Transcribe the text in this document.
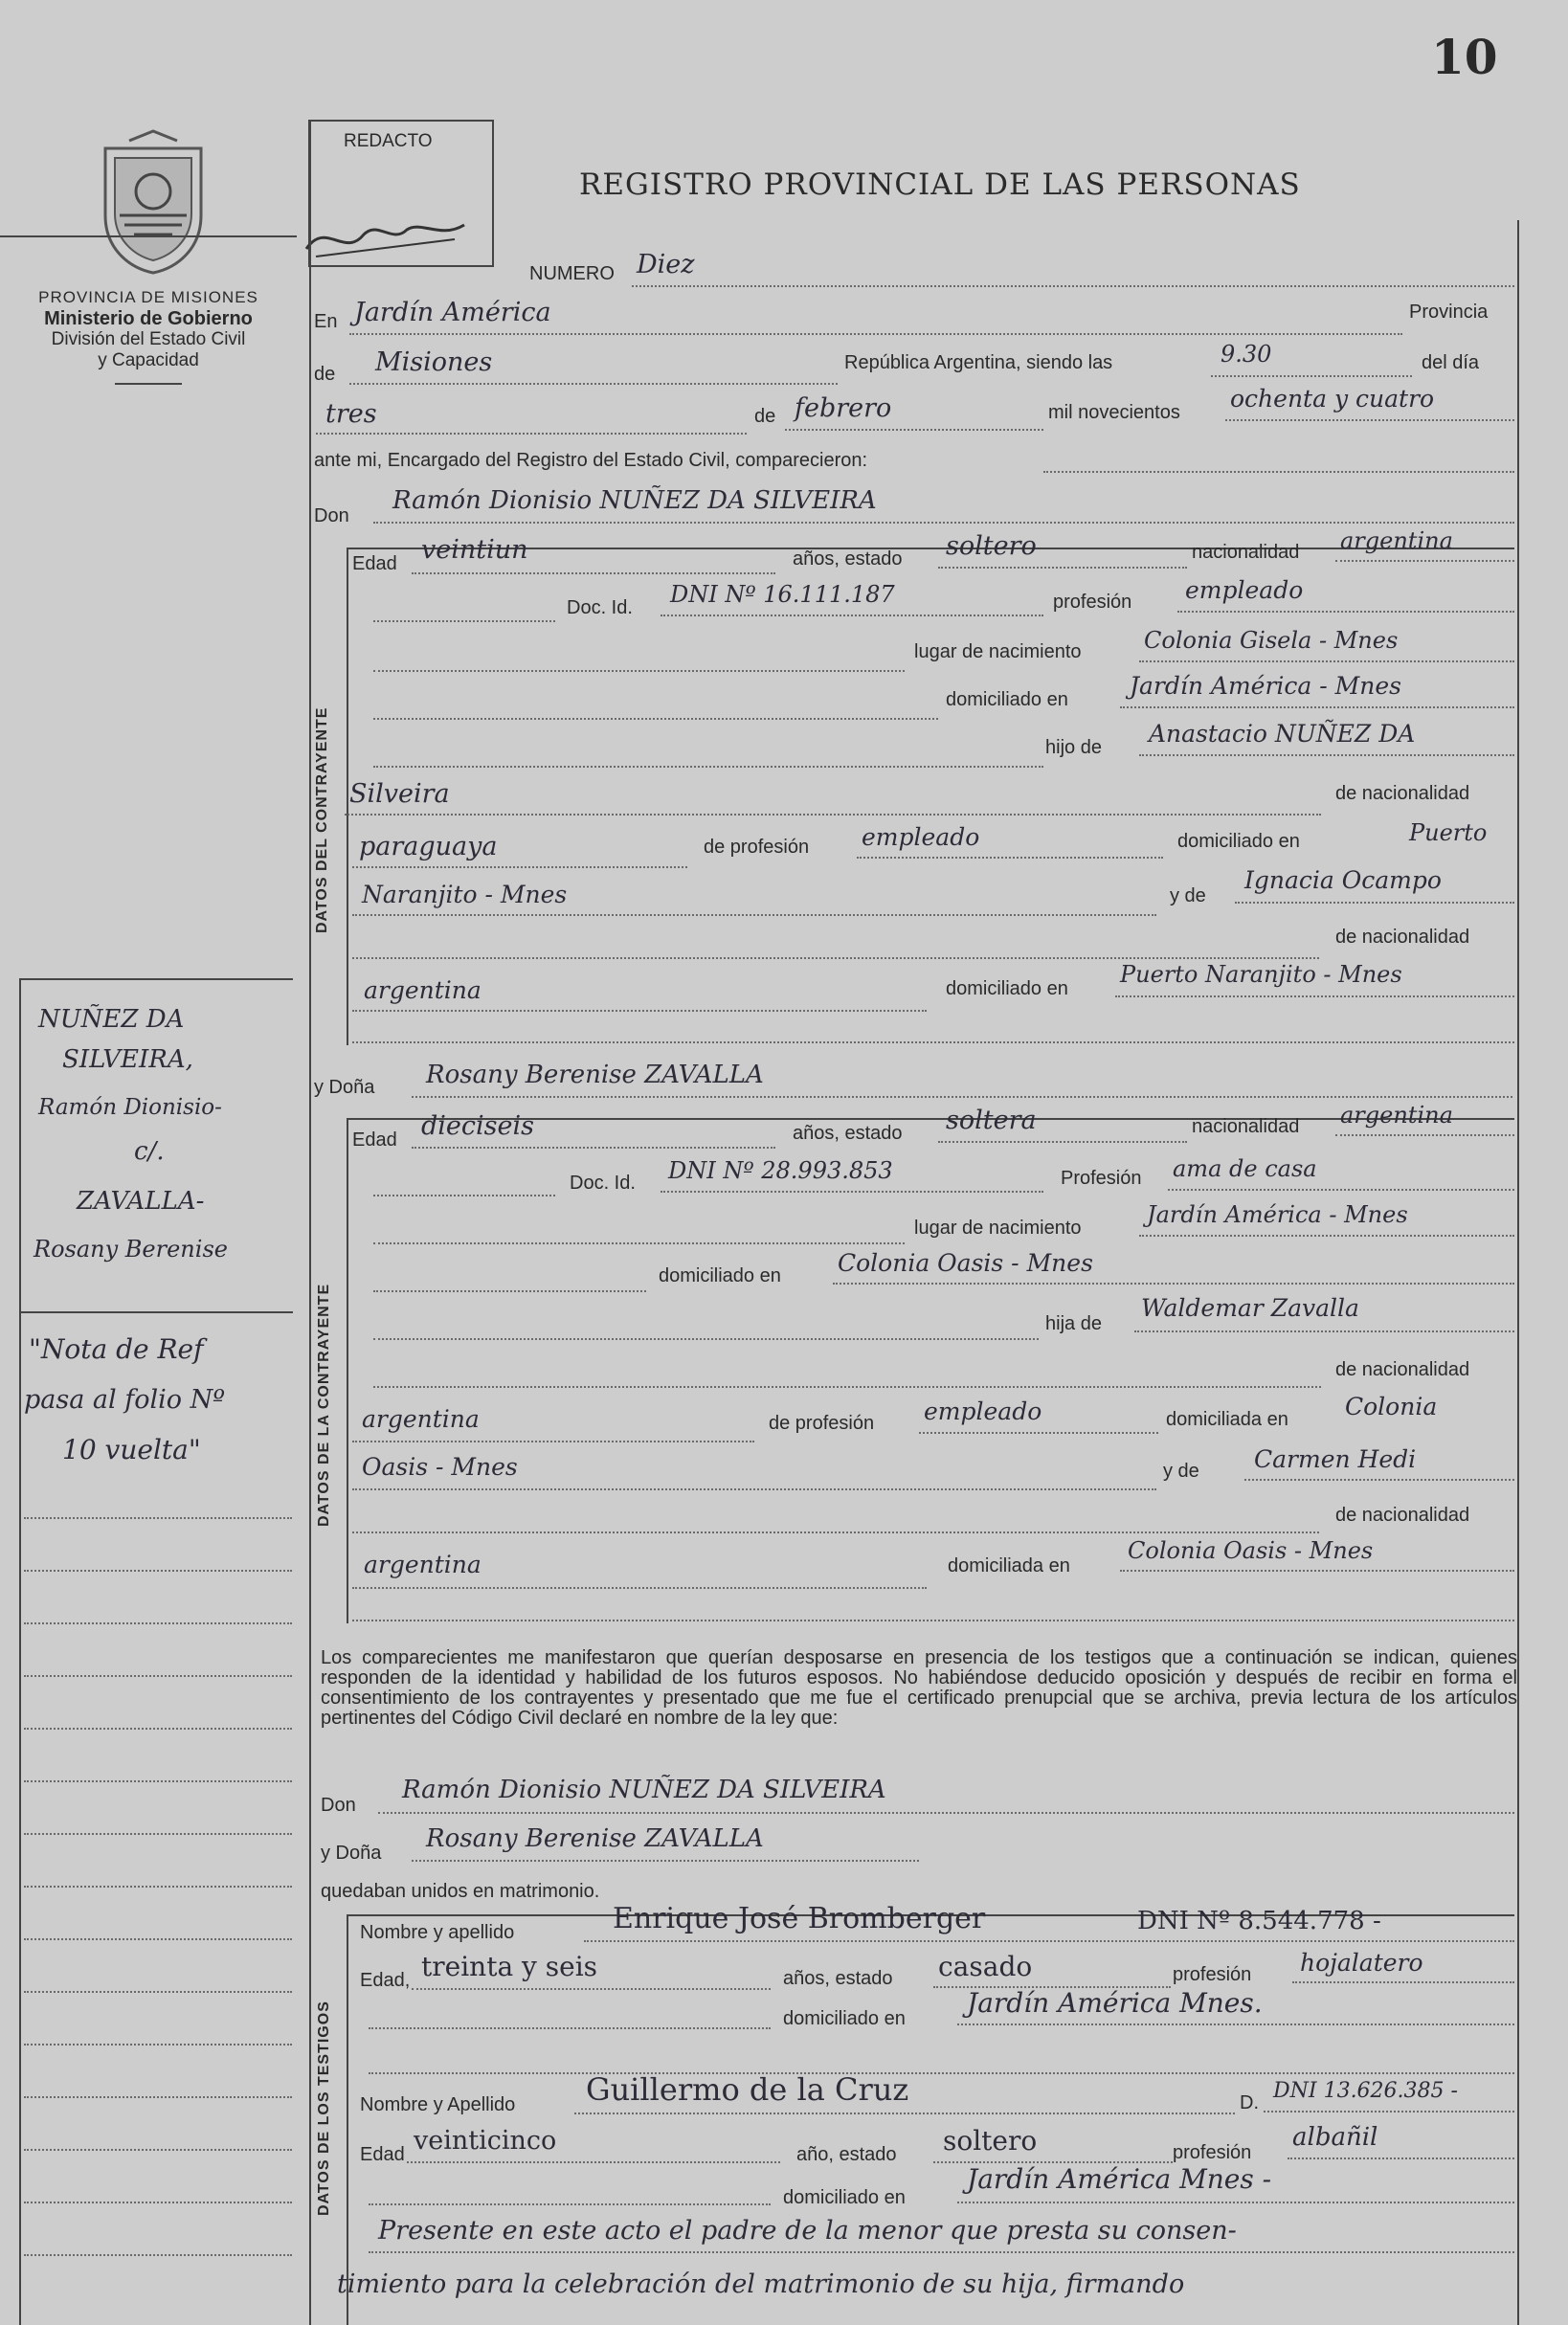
10
REDACTO
PROVINCIA DE MISIONES
Ministerio de Gobierno
División del Estado Civil
y Capacidad
REGISTRO PROVINCIAL DE LAS PERSONAS
NUÑEZ DA
SILVEIRA,
Ramón Dionisio-
c/.
ZAVALLA-
Rosany Berenise
"Nota de Ref
pasa al folio Nº
10 vuelta"
NUMERO Diez
En Jardín América	Provincia
de Misiones	República Argentina, siendo las	9.30	del día
tres	de febrero	mil novecientos ochenta y cuatro
ante mi, Encargado del Registro del Estado Civil, comparecieron:
Don
Ramón Dionisio NUÑEZ DA SILVEIRA
DATOS DEL CONTRAYENTE
Edad veintiun	años, estado soltero	nacionalidad argentina
Doc. Id. DNI Nº 16.111.187	profesión empleado
lugar de nacimiento	Colonia Gisela - Mnes
domiciliado en	Jardín América - Mnes
hijo de Anastacio NUÑEZ DA
Silveira	de nacionalidad
paraguaya	de profesión empleado	domiciliado en	Puerto
Naranjito - Mnes	y de
Ignacia Ocampo
de nacionalidad
argentina	domiciliado en
Puerto Naranjito - Mnes
y Doña Rosany Berenise ZAVALLA
DATOS DE LA CONTRAYENTE
Edad dieciseis	años, estado soltera	nacionalidad argentina
Doc. Id. DNI Nº 28.993.853	Profesión ama de casa
lugar de nacimiento	Jardín América - Mnes
domiciliado en Colonia Oasis - Mnes
hija de
Waldemar Zavalla
de nacionalidad
argentina	de profesión empleado	domiciliada en Colonia
Oasis - Mnes	y de Carmen Hedi
de nacionalidad
argentina	domiciliada en
Colonia Oasis - Mnes
Los comparecientes me manifestaron que querían desposarse en presencia de los testigos que a continuación se indican, quienes responden de la identidad y habilidad de los futuros esposos. No habiéndose deducido oposición y después de recibir en forma el consentimiento de los contrayentes y presentado que me fue el certificado prenupcial que se archiva, previa lectura de los artículos pertinentes del Código Civil declaré en nombre de la ley que:
Don
Ramón Dionisio NUÑEZ DA SILVEIRA
y Doña Rosany Berenise ZAVALLA
quedaban unidos en matrimonio.
DATOS DE LOS TESTIGOS
Nombre y apellido	Enrique José Bromberger	DNI Nº 8.544.778 -
Edad, treinta y seis	años, estado casado	profesión hojalatero
domiciliado en Jardín América Mnes.
Nombre y Apellido Guillermo de la Cruz	D. DNI 13.626.385 -
Edad veinticinco	año, estado soltero	profesión
albañil
domiciliado en
Jardín América Mnes -
Presente en este acto el padre de la menor que presta su consen-
timiento para la celebración del matrimonio de su hija, firmando
